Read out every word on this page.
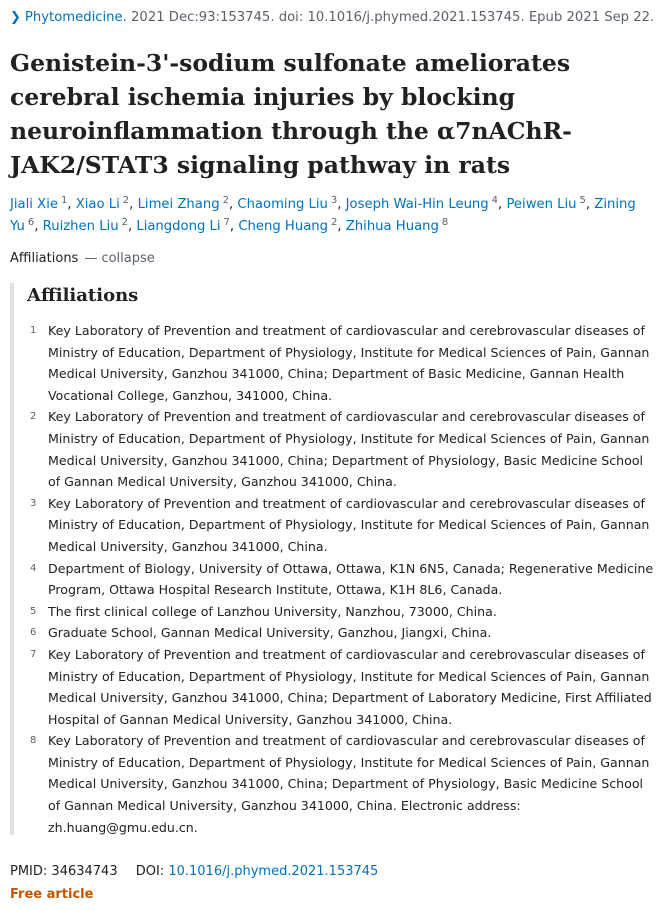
❯ Phytomedicine. 2021 Dec:93:153745. doi: 10.1016/j.phymed.2021.153745. Epub 2021 Sep 22.
Genistein-3'-sodium sulfonate ameliorates cerebral ischemia injuries by blocking neuroinflammation through the α7nAChR-JAK2/STAT3 signaling pathway in rats
Jiali Xie $^1$, Xiao Li $^2$, Limei Zhang $^2$, Chaoming Liu $^3$, Joseph Wai-Hin Leung $^4$, Peiwen Liu $^5$, Zining Yu $^6$, Ruizhen Liu $^2$, Liangdong Li $^7$, Cheng Huang $^2$, Zhihua Huang $^8$
Affiliations — collapse
Affiliations
1 Key Laboratory of Prevention and treatment of cardiovascular and cerebrovascular diseases of Ministry of Education, Department of Physiology, Institute for Medical Sciences of Pain, Gannan Medical University, Ganzhou 341000, China; Department of Basic Medicine, Gannan Health Vocational College, Ganzhou, 341000, China.
2 Key Laboratory of Prevention and treatment of cardiovascular and cerebrovascular diseases of Ministry of Education, Department of Physiology, Institute for Medical Sciences of Pain, Gannan Medical University, Ganzhou 341000, China; Department of Physiology, Basic Medicine School of Gannan Medical University, Ganzhou 341000, China.
3 Key Laboratory of Prevention and treatment of cardiovascular and cerebrovascular diseases of Ministry of Education, Department of Physiology, Institute for Medical Sciences of Pain, Gannan Medical University, Ganzhou 341000, China.
4 Department of Biology, University of Ottawa, Ottawa, K1N 6N5, Canada; Regenerative Medicine Program, Ottawa Hospital Research Institute, Ottawa, K1H 8L6, Canada.
5 The first clinical college of Lanzhou University, Nanzhou, 73000, China.
6 Graduate School, Gannan Medical University, Ganzhou, Jiangxi, China.
7 Key Laboratory of Prevention and treatment of cardiovascular and cerebrovascular diseases of Ministry of Education, Department of Physiology, Institute for Medical Sciences of Pain, Gannan Medical University, Ganzhou 341000, China; Department of Laboratory Medicine, First Affiliated Hospital of Gannan Medical University, Ganzhou 341000, China.
8 Key Laboratory of Prevention and treatment of cardiovascular and cerebrovascular diseases of Ministry of Education, Department of Physiology, Institute for Medical Sciences of Pain, Gannan Medical University, Ganzhou 341000, China; Department of Physiology, Basic Medicine School of Gannan Medical University, Ganzhou 341000, China. Electronic address: zh.huang@gmu.edu.cn.
PMID: 34634743 DOI: 10.1016/j.phymed.2021.153745
Free article
